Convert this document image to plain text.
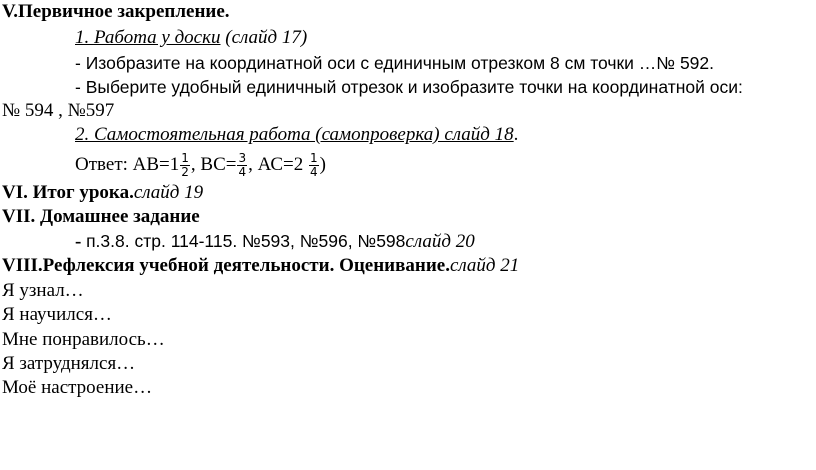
V.Первичное закрепление.
1. Работа у доски (слайд 17)
- Изобразите на координатной оси с единичным отрезком 8 см точки …№ 592.
- Выберите удобный единичный отрезок и изобразите точки на координатной оси:
№ 594 , №597
2. Самостоятельная работа (самопроверка) слайд 18.
Ответ: $АВ=1 \frac{1}{2}$ , $ВС= \frac{3}{4}$ , $АС=2 \frac{1}{4}$ )
VI. Итог урока.слайд 19
VII. Домашнее задание
- п.3.8. стр. 114-115. №593, №596, №598слайд 20
VIII.Рефлексия учебной деятельности. Оценивание.слайд 21
Я узнал…
Я научился…
Мне понравилось…
Я затруднялся…
Моё настроение…
